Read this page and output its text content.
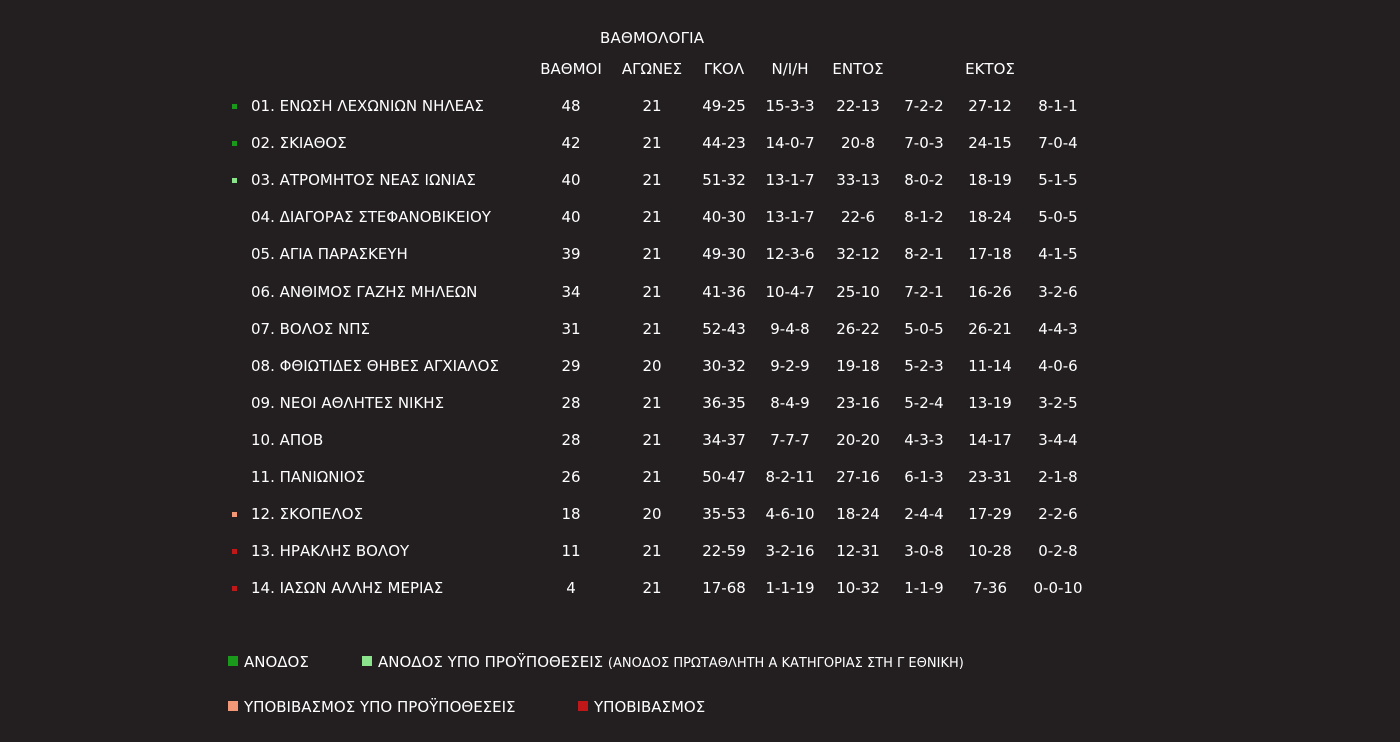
ΒΑΘΜΟΛΟΓΙΑ
ΒΑΘΜΟΙ ΑΓΩΝΕΣ ΓΚΟΛ Ν/Ι/Η ΕΝΤΟΣ	ΕΚΤΟΣ
01. ΕΝΩΣΗ ΛΕΧΩΝΙΩΝ ΝΗΛΕΑΣ	48	21	49-25 15-3-3 22-13 7-2-2 27-12 8-1-1
02. ΣΚΙΑΘΟΣ	42	21	44-23 14-0-7 20-8 7-0-3 24-15 7-0-4
03. ΑΤΡΟΜΗΤΟΣ ΝΕΑΣ ΙΩΝΙΑΣ	40	21	51-32 13-1-7 33-13 8-0-2 18-19 5-1-5
04. ΔΙΑΓΟΡΑΣ ΣΤΕΦΑΝΟΒΙΚΕΙΟΥ	40	21	40-30 13-1-7 22-6 8-1-2 18-24 5-0-5
05. ΑΓΙΑ ΠΑΡΑΣΚΕΥΗ	39	21	49-30 12-3-6 32-12 8-2-1 17-18 4-1-5
06. ΑΝΘΙΜΟΣ ΓΑΖΗΣ ΜΗΛΕΩΝ	34	21	41-36 10-4-7 25-10 7-2-1 16-26 3-2-6
07. ΒΟΛΟΣ ΝΠΣ	31	21	52-43 9-4-8 26-22 5-0-5 26-21 4-4-3
08. ΦΘΙΩΤΙΔΕΣ ΘΗΒΕΣ ΑΓΧΙΑΛΟΣ	29	20	30-32 9-2-9 19-18 5-2-3 11-14 4-0-6
09. ΝΕΟΙ ΑΘΛΗΤΕΣ ΝΙΚΗΣ	28	21	36-35 8-4-9 23-16 5-2-4 13-19 3-2-5
10. ΑΠΟΒ	28	21	34-37 7-7-7 20-20 4-3-3 14-17 3-4-4
11. ΠΑΝΙΩΝΙΟΣ	26	21	50-47 8-2-11 27-16 6-1-3 23-31 2-1-8
12. ΣΚΟΠΕΛΟΣ	18	20	35-53 4-6-10 18-24 2-4-4 17-29 2-2-6
13. ΗΡΑΚΛΗΣ ΒΟΛΟΥ	11	21	22-59 3-2-16 12-31 3-0-8 10-28 0-2-8
14. ΙΑΣΩΝ ΑΛΛΗΣ ΜΕΡΙΑΣ	4	21	17-68 1-1-19 10-32 1-1-9 7-36 0-0-10
ΑΝΟΔΟΣ	ΑΝΟΔΟΣ ΥΠΟ ΠΡΟΫΠΟΘΕΣΕΙΣ (ΑΝΟΔΟΣ ΠΡΩΤΑΘΛΗΤΗ Α ΚΑΤΗΓΟΡΙΑΣ ΣΤΗ Γ ΕΘΝΙΚΗ)
ΥΠΟΒΙΒΑΣΜΟΣ ΥΠΟ ΠΡΟΫΠΟΘΕΣΕΙΣ	ΥΠΟΒΙΒΑΣΜΟΣ
